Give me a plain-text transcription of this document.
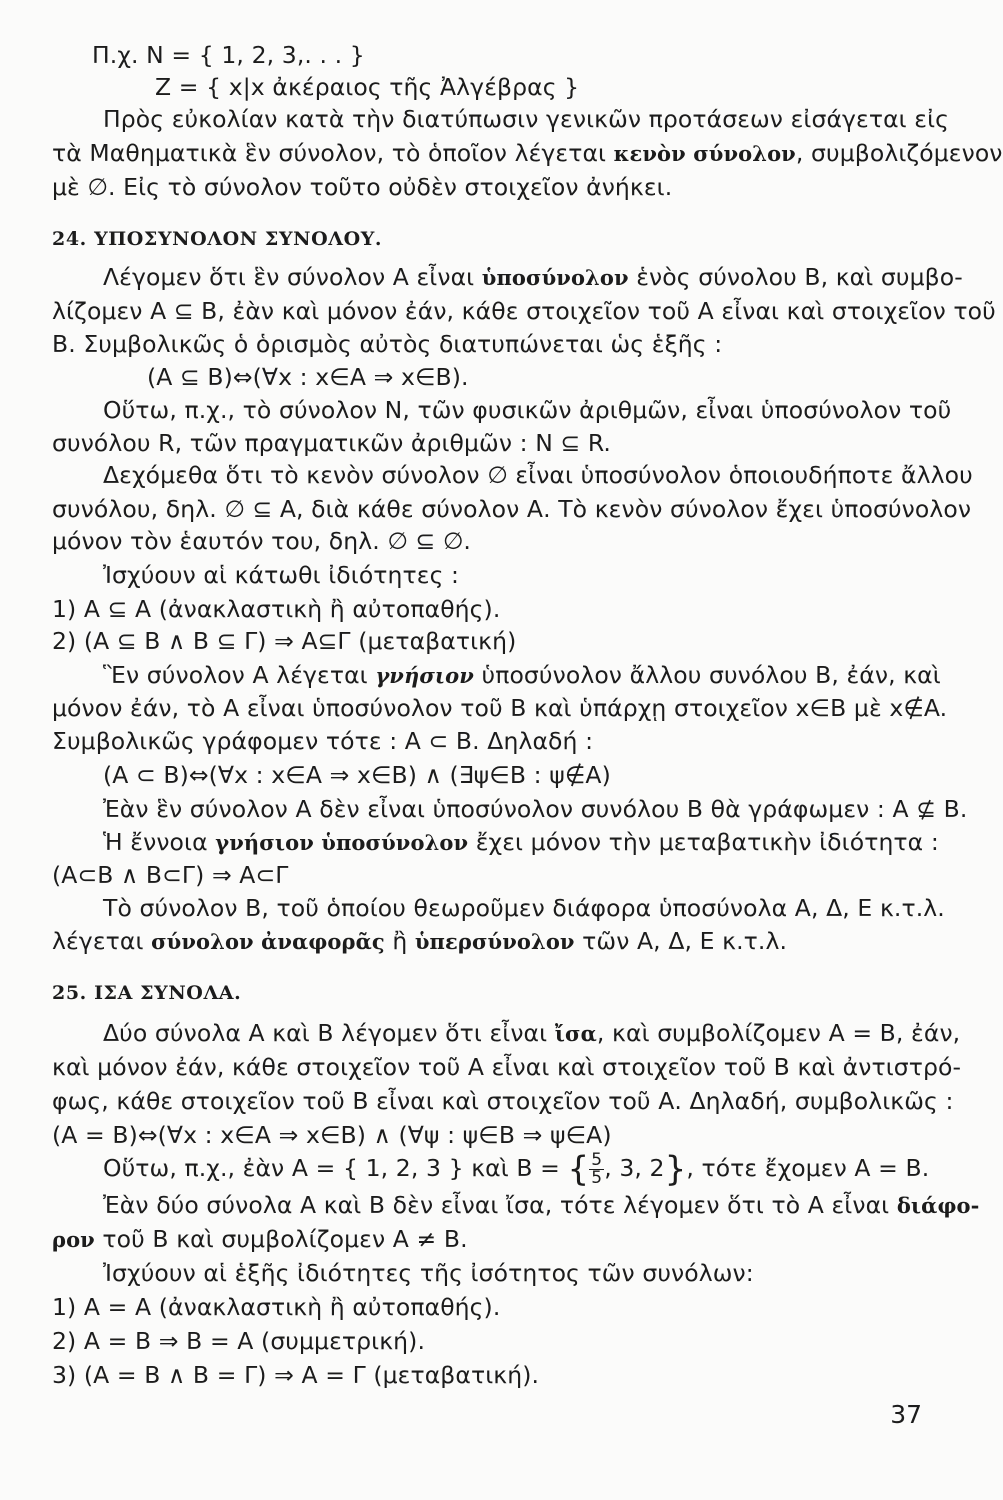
Π.χ. N = { 1, 2, 3,. . . }
Z = { x|x ἀκέραιος τῆς Ἀλγέβρας }
Πρὸς εὐκολίαν κατὰ τὴν διατύπωσιν γενικῶν προτάσεων εἰσάγεται εἰς
τὰ Μαθηματικὰ ἓν σύνολον, τὸ ὁποῖον λέγεται κενὸν σύνολον, συμβολιζόμενον
μὲ ∅. Εἰς τὸ σύνολον τοῦτο οὐδὲν στοιχεῖον ἀνήκει.
24. ΥΠΟΣΥΝΟΛΟΝ ΣΥΝΟΛΟΥ.
Λέγομεν ὅτι ἓν σύνολον Α εἶναι ὑποσύνολον ἑνὸς σύνολου Β, καὶ συμβο-
λίζομεν Α ⊆ Β, ἐὰν καὶ μόνον ἐάν, κάθε στοιχεῖον τοῦ Α εἶναι καὶ στοιχεῖον τοῦ
Β. Συμβολικῶς ὁ ὁρισμὸς αὐτὸς διατυπώνεται ὡς ἑξῆς :
(Α ⊆ Β)⇔(∀x : x∈A ⇒ x∈B).
Οὕτω, π.χ., τὸ σύνολον N, τῶν φυσικῶν ἀριθμῶν, εἶναι ὑποσύνολον τοῦ
συνόλου R, τῶν πραγματικῶν ἀριθμῶν : N ⊆ R.
Δεχόμεθα ὅτι τὸ κενὸν σύνολον ∅ εἶναι ὑποσύνολον ὁποιουδήποτε ἄλλου
συνόλου, δηλ. ∅ ⊆ Α, διὰ κάθε σύνολον Α. Τὸ κενὸν σύνολον ἔχει ὑποσύνολον
μόνον τὸν ἑαυτόν του, δηλ. ∅ ⊆ ∅.
Ἰσχύουν αἱ κάτωθι ἰδιότητες :
1) Α ⊆ Α (ἀνακλαστικὴ ἢ αὐτοπαθής).
2) (Α ⊆ Β ∧ Β ⊆ Γ) ⇒ Α⊆Γ (μεταβατική)
Ἓν σύνολον Α λέγεται γνήσιον ὑποσύνολον ἄλλου συνόλου Β, ἐάν, καὶ
μόνον ἐάν, τὸ Α εἶναι ὑποσύνολον τοῦ Β καὶ ὑπάρχῃ στοιχεῖον x∈B μὲ x∉A.
Συμβολικῶς γράφομεν τότε : Α ⊂ Β. Δηλαδή :
(Α ⊂ Β)⇔(∀x : x∈A ⇒ x∈B) ∧ (∃ψ∈B : ψ∉A)
Ἐὰν ἓν σύνολον Α δὲν εἶναι ὑποσύνολον συνόλου Β θὰ γράφωμεν : Α ⊈ Β.
Ἡ ἔννοια γνήσιον ὑποσύνολον ἔχει μόνον τὴν μεταβατικὴν ἰδιότητα :
(Α⊂Β ∧ Β⊂Γ) ⇒ Α⊂Γ
Τὸ σύνολον Β, τοῦ ὁποίου θεωροῦμεν διάφορα ὑποσύνολα Α, Δ, Ε κ.τ.λ.
λέγεται σύνολον ἀναφορᾶς ἢ ὑπερσύνολον τῶν Α, Δ, Ε κ.τ.λ.
25. ΙΣΑ ΣΥΝΟΛΑ.
Δύο σύνολα Α καὶ Β λέγομεν ὅτι εἶναι ἴσα, καὶ συμβολίζομεν Α = Β, ἐάν,
καὶ μόνον ἐάν, κάθε στοιχεῖον τοῦ Α εἶναι καὶ στοιχεῖον τοῦ Β καὶ ἀντιστρό-
φως, κάθε στοιχεῖον τοῦ Β εἶναι καὶ στοιχεῖον τοῦ Α. Δηλαδή, συμβολικῶς :
(Α = Β)⇔(∀x : x∈A ⇒ x∈B) ∧ (∀ψ : ψ∈B ⇒ ψ∈A)
Οὕτω, π.χ., ἐὰν Α = { 1, 2, 3 } καὶ Β = { $\frac{5}{5}$ , 3, 2}, τότε ἔχομεν Α = Β.
Ἐὰν δύο σύνολα Α καὶ Β δὲν εἶναι ἴσα, τότε λέγομεν ὅτι τὸ Α εἶναι διάφο-
ρον τοῦ Β καὶ συμβολίζομεν Α ≠ Β.
Ἰσχύουν αἱ ἑξῆς ἰδιότητες τῆς ἰσότητος τῶν συνόλων:
1) Α = Α (ἀνακλαστικὴ ἢ αὐτοπαθής).
2) Α = Β ⇒ Β = Α (συμμετρική).
3) (Α = Β ∧ Β = Γ) ⇒ Α = Γ (μεταβατική).
37
